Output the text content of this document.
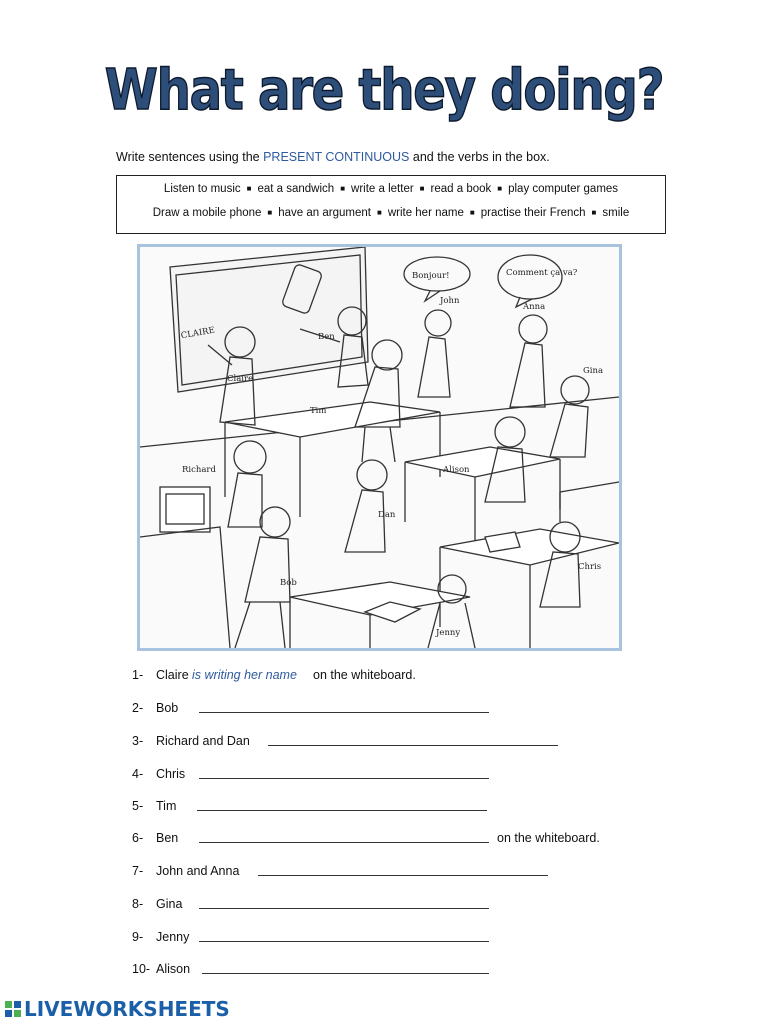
What are they doing?
Write sentences using the PRESENT CONTINUOUS and the verbs in the box.
Listen to music ■ eat a sandwich ■ write a letter ■ read a book ■ play computer games
Draw a mobile phone ■ have an argument ■ write her name ■ practise their French ■ smile
CLAIRE
Bonjour!	Comment ça va?
John
Anna
Ben
Claire
Gina
Tim
Richard	Alison
Dan
Bob
Chris
Jenny
1- Claire is writing her name on the whiteboard.
2- Bob
3- Richard and Dan
4- Chris
5- Tim
6- Ben	on the whiteboard.
7- John and Anna
8- Gina
9- Jenny
10- Alison
LIVEWORKSHEETS
